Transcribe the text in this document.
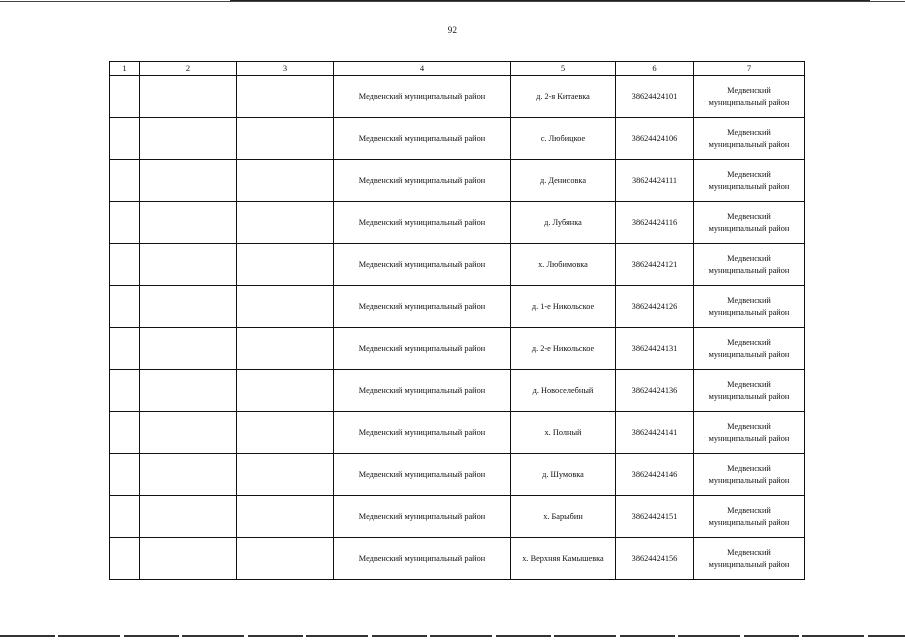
92
1	2	3	4	5	6	7
			Медвенский муниципальный район	д. 2-я Китаевка	38624424101	Медвенский муниципальный район
			Медвенский муниципальный район	с. Любицкое	38624424106	Медвенский муниципальный район
			Медвенский муниципальный район	д. Денисовка	38624424111	Медвенский муниципальный район
			Медвенский муниципальный район	д. Лубянка	38624424116	Медвенский муниципальный район
			Медвенский муниципальный район	х. Любимовка	38624424121	Медвенский муниципальный район
			Медвенский муниципальный район	д. 1-е Никольское	38624424126	Медвенский муниципальный район
			Медвенский муниципальный район	д. 2-е Никольское	38624424131	Медвенский муниципальный район
			Медвенский муниципальный район	д. Новоселебный	38624424136	Медвенский муниципальный район
			Медвенский муниципальный район	х. Полный	38624424141	Медвенский муниципальный район
			Медвенский муниципальный район	д. Шумовка	38624424146	Медвенский муниципальный район
			Медвенский муниципальный район	х. Барыбин	38624424151	Медвенский муниципальный район
			Медвенский муниципальный район	х. Верхняя Камышевка	38624424156	Медвенский муниципальный район
